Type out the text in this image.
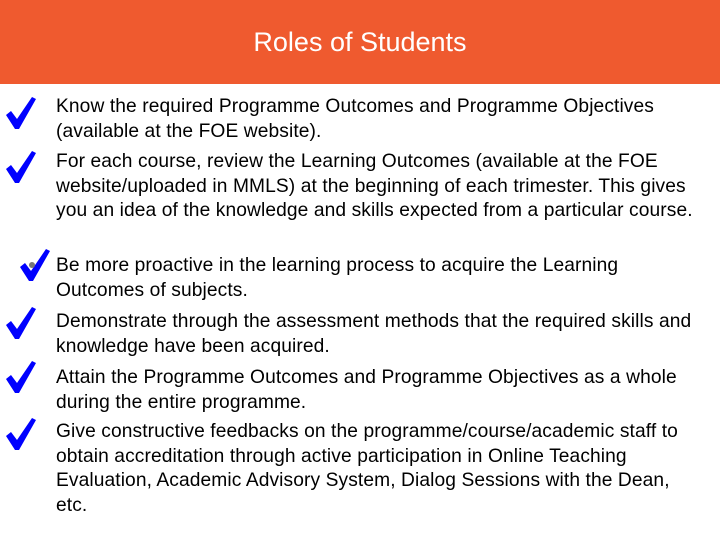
Roles of Students

Know the required Programme Outcomes and Programme Objectives (available at the FOE website).

For each course, review the Learning Outcomes (available at the FOE website/uploaded in MMLS) at the beginning of each trimester. This gives you an idea of the knowledge and skills expected from a particular course.

Be more proactive in the learning process to acquire the Learning Outcomes of subjects.

Demonstrate through the assessment methods that the required skills and knowledge have been acquired.

Attain the Programme Outcomes and Programme Objectives as a whole during the entire programme.

Give constructive feedbacks on the programme/course/academic staff to obtain accreditation through active participation in Online Teaching Evaluation, Academic Advisory System, Dialog Sessions with the Dean, etc.
